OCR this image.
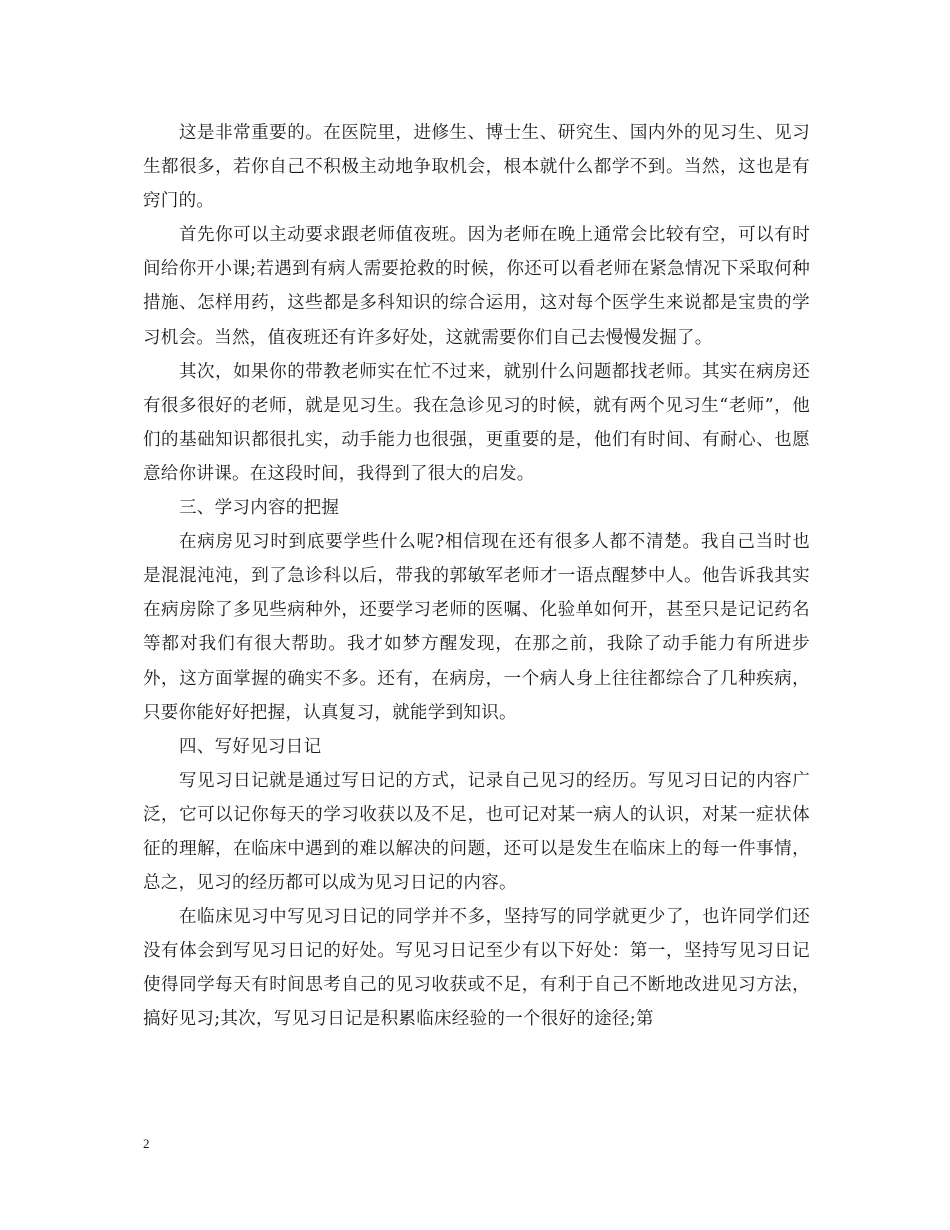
这是非常重要的。在医院里，进修生、博士生、研究生、国内外的见习生、见习生都很多，若你自己不积极主动地争取机会，根本就什么都学不到。当然，这也是有窍门的。

首先你可以主动要求跟老师值夜班。因为老师在晚上通常会比较有空，可以有时间给你开小课;若遇到有病人需要抢救的时候，你还可以看老师在紧急情况下采取何种措施、怎样用药，这些都是多科知识的综合运用，这对每个医学生来说都是宝贵的学习机会。当然，值夜班还有许多好处，这就需要你们自己去慢慢发掘了。

其次，如果你的带教老师实在忙不过来，就别什么问题都找老师。其实在病房还有很多很好的老师，就是见习生。我在急诊见习的时候，就有两个见习生“老师”，他们的基础知识都很扎实，动手能力也很强，更重要的是，他们有时间、有耐心、也愿意给你讲课。在这段时间，我得到了很大的启发。

三、学习内容的把握

在病房见习时到底要学些什么呢?相信现在还有很多人都不清楚。我自己当时也是混混沌沌，到了急诊科以后，带我的郭敏军老师才一语点醒梦中人。他告诉我其实在病房除了多见些病种外，还要学习老师的医嘱、化验单如何开，甚至只是记记药名等都对我们有很大帮助。我才如梦方醒发现，在那之前，我除了动手能力有所进步外，这方面掌握的确实不多。还有，在病房，一个病人身上往往都综合了几种疾病，只要你能好好把握，认真复习，就能学到知识。

四、写好见习日记

写见习日记就是通过写日记的方式，记录自己见习的经历。写见习日记的内容广泛，它可以记你每天的学习收获以及不足，也可记对某一病人的认识，对某一症状体征的理解，在临床中遇到的难以解决的问题，还可以是发生在临床上的每一件事情，总之，见习的经历都可以成为见习日记的内容。

在临床见习中写见习日记的同学并不多，坚持写的同学就更少了，也许同学们还没有体会到写见习日记的好处。写见习日记至少有以下好处：第一，坚持写见习日记使得同学每天有时间思考自己的见习收获或不足，有利于自己不断地改进见习方法，搞好见习;其次，写见习日记是积累临床经验的一个很好的途径;第

2
